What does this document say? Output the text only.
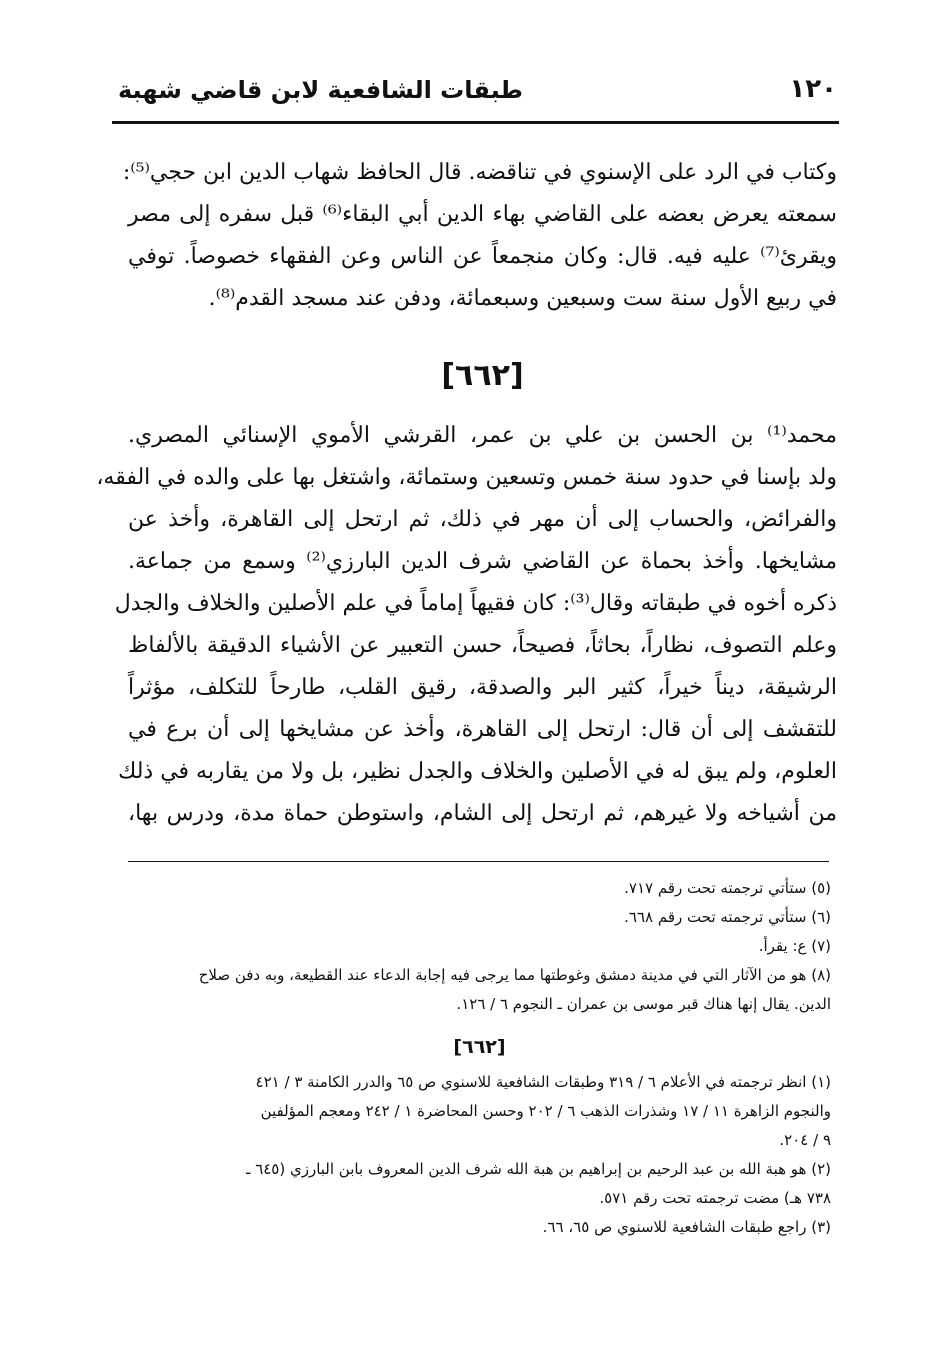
١٢٠
طبقات الشافعية لابن قاضي شهبة

وكتاب في الرد على الإسنوي في تناقضه. قال الحافظ شهاب الدين ابن حجي⁽⁵⁾:
سمعته يعرض بعضه على القاضي بهاء الدين أبي البقاء⁽⁶⁾ قبل سفره إلى مصر
ويقرئ⁽⁷⁾ عليه فيه. قال: وكان منجمعاً عن الناس وعن الفقهاء خصوصاً. توفي
في ربيع الأول سنة ست وسبعين وسبعمائة، ودفن عند مسجد القدم⁽⁸⁾.

[٦٦٢]

محمد⁽¹⁾ بن الحسن بن علي بن عمر، القرشي الأموي الإسنائي المصري.
ولد بإسنا في حدود سنة خمس وتسعين وستمائة، واشتغل بها على والده في الفقه،
والفرائض، والحساب إلى أن مهر في ذلك، ثم ارتحل إلى القاهرة، وأخذ عن
مشايخها. وأخذ بحماة عن القاضي شرف الدين البارزي⁽²⁾ وسمع من جماعة.
ذكره أخوه في طبقاته وقال⁽³⁾: كان فقيهاً إماماً في علم الأصلين والخلاف والجدل
وعلم التصوف، نظاراً، بحاثاً، فصيحاً، حسن التعبير عن الأشياء الدقيقة بالألفاظ
الرشيقة، ديناً خيراً، كثير البر والصدقة، رقيق القلب، طارحاً للتكلف، مؤثراً
للتقشف إلى أن قال: ارتحل إلى القاهرة، وأخذ عن مشايخها إلى أن برع في
العلوم، ولم يبق له في الأصلين والخلاف والجدل نظير، بل ولا من يقاربه في ذلك
من أشياخه ولا غيرهم، ثم ارتحل إلى الشام، واستوطن حماة مدة، ودرس بها،

(٥) ستأتي ترجمته تحت رقم ٧١٧.

(٦) ستأتي ترجمته تحت رقم ٦٦٨.

(٧) ع: يقرأ.

(٨) هو من الآثار التي في مدينة دمشق وغوطتها مما يرجى فيه إجابة الدعاء عند القطيعة، وبه دفن صلاح
الدين. يقال إنها هناك قبر موسى بن عمران ـ النجوم ٦ / ١٢٦.

[٦٦٢]

(١) انظر ترجمته في الأعلام ٦ / ٣١٩ وطبقات الشافعية للاسنوي ص ٦٥ والدرر الكامنة ٣ / ٤٢١
والنجوم الزاهرة ١١ / ١٧ وشذرات الذهب ٦ / ٢٠٢ وحسن المحاضرة ١ / ٢٤٢ ومعجم المؤلفين
٩ / ٢٠٤.

(٢) هو هبة الله بن عبد الرحيم بن إبراهيم بن هبة الله شرف الدين المعروف بابن البارزي (٦٤٥ ـ
٧٣٨ هـ) مضت ترجمته تحت رقم ٥٧١.

(٣) راجع طبقات الشافعية للاسنوي ص ٦٥، ٦٦.
